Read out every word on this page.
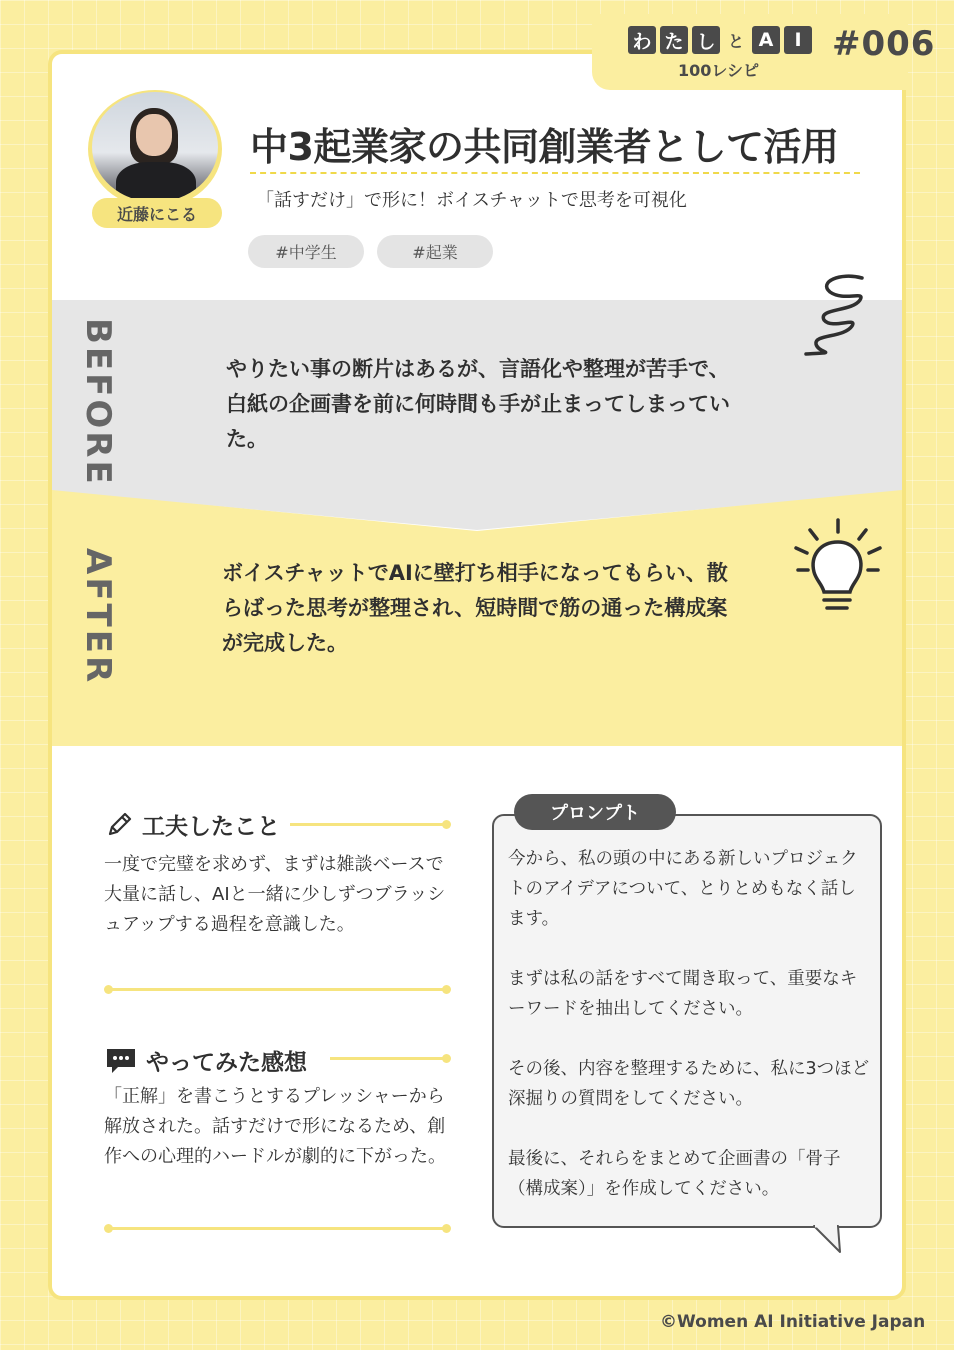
わ た し と A	I
100レシピ
#006
近藤にこる
中3起業家の共同創業者として活用
「話すだけ」で形に！ボイスチャットで思考を可視化
#中学生	#起業
BEFORE	やりたい事の断片はあるが、言語化や整理が苦手で、白紙の企画書を前に何時間も手が止まってしまっていた。
AFTER	ボイスチャットでAIに壁打ち相手になってもらい、散らばった思考が整理され、短時間で筋の通った構成案が完成した。
工夫したこと
一度で完璧を求めず、まずは雑談ベースで大量に話し、AIと一緒に少しずつブラッシュアップする過程を意識した。
やってみた感想
「正解」を書こうとするプレッシャーから解放された。話すだけで形になるため、創作への心理的ハードルが劇的に下がった。
プロンプト
今から、私の頭の中にある新しいプロジェクトのアイデアについて、とりとめもなく話します。
まずは私の話をすべて聞き取って、重要なキーワードを抽出してください。
その後、内容を整理するために、私に3つほど深掘りの質問をしてください。
最後に、それらをまとめて企画書の「骨子（構成案）」を作成してください。
©Women AI Initiative Japan
